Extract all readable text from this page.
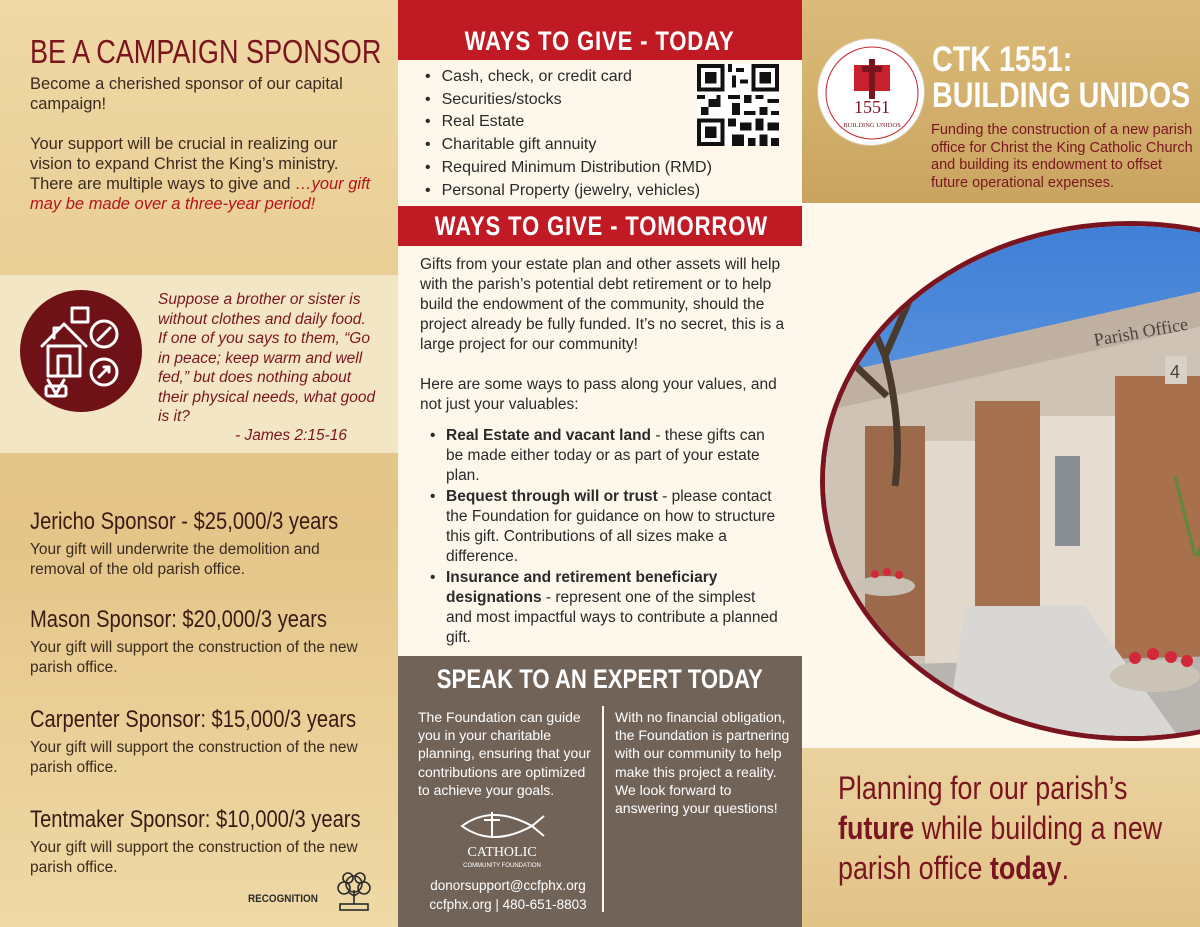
BE A CAMPAIGN SPONSOR

Become a cherished sponsor of our capital campaign!

Your support will be crucial in realizing our vision to expand Christ the King’s ministry. There are multiple ways to give and …your gift may be made over a three-year period!

Suppose a brother or sister is without clothes and daily food. If one of you says to them, “Go in peace; keep warm and well fed,” but does nothing about their physical needs, what good is it?
- James 2:15-16
Jericho Sponsor - $25,000/3 years

Your gift will underwrite the demolition and removal of the old parish office.

Mason Sponsor: $20,000/3 years

Your gift will support the construction of the new parish office.

Carpenter Sponsor: $15,000/3 years

Your gift will support the construction of the new parish office.

Tentmaker Sponsor: $10,000/3 years

Your gift will support the construction of the new parish office.

RECOGNITION
WAYS TO GIVE - TODAY
• Cash, check, or credit card
• Securities/stocks
• Real Estate
• Charitable gift annuity
• Required Minimum Distribution (RMD)
• Personal Property (jewelry, vehicles)
WAYS TO GIVE - TOMORROW

Gifts from your estate plan and other assets will help with the parish’s potential debt retirement or to help build the endowment of the community, should the project already be fully funded. It’s no secret, this is a large project for our community!

Here are some ways to pass along your values, and not just your valuables:

• Real Estate and vacant land - these gifts can be made either today or as part of your estate plan.
• Bequest through will or trust - please contact the Foundation for guidance on how to structure this gift. Contributions of all sizes make a difference.
• Insurance and retirement beneficiary designations - represent one of the simplest and most impactful ways to contribute a planned gift.
SPEAK TO AN EXPERT TODAY
The Foundation can guide you in your charitable planning, ensuring that your contributions are optimized to achieve your goals.
With no financial obligation, the Foundation is partnering with our community to help make this project a reality. We look forward to answering your questions!
CATHOLIC
COMMUNITY FOUNDATION
donorsupport@ccfphx.org
ccfphx.org | 480-651-8803
1551
BUILDING UNIDOS
CTK 1551:
BUILDING UNIDOS
Funding the construction of a new parish office for Christ the King Catholic Church and building its endowment to offset future operational expenses.
Parish Office
4
Planning for our parish’s
future while building a new
parish office today.
